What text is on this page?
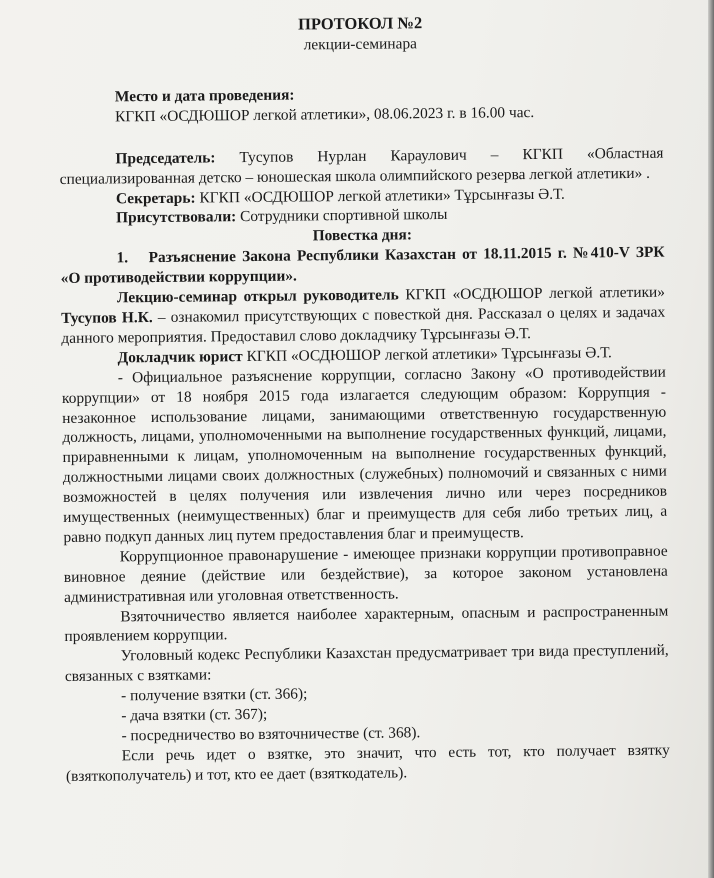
ПРОТОКОЛ №2

лекции-семинара

Место и дата проведения:

КГКП «ОСДЮШОР легкой атлетики», 08.06.2023 г. в 16.00 час.

Председатель: Тусупов Нурлан Караулович – КГКП «Областная специализированная детско – юношеская школа олимпийского резерва легкой атлетики» .

Секретарь: КГКП «ОСДЮШОР легкой атлетики» Тұрсынғазы Ә.Т.

Присутствовали: Сотрудники спортивной школы

Повестка дня:

1. Разъяснение Закона Республики Казахстан от 18.11.2015 г. №410-V ЗРК «О противодействии коррупции».

Лекцию-семинар открыл руководитель КГКП «ОСДЮШОР легкой атлетики» Тусупов Н.К. – ознакомил присутствующих с повесткой дня. Рассказал о целях и задачах данного мероприятия. Предоставил слово докладчику Тұрсынғазы Ә.Т.

Докладчик юрист КГКП «ОСДЮШОР легкой атлетики» Тұрсынғазы Ә.Т.

- Официальное разъяснение коррупции, согласно Закону «О противодействии коррупции» от 18 ноября 2015 года излагается следующим образом: Коррупция - незаконное использование лицами, занимающими ответственную государственную должность, лицами, уполномоченными на выполнение государственных функций, лицами, приравненными к лицам, уполномоченным на выполнение государственных функций, должностными лицами своих должностных (служебных) полномочий и связанных с ними возможностей в целях получения или извлечения лично или через посредников имущественных (неимущественных) благ и преимуществ для себя либо третьих лиц, а равно подкуп данных лиц путем предоставления благ и преимуществ.

Коррупционное правонарушение - имеющее признаки коррупции противоправное виновное деяние (действие или бездействие), за которое законом установлена административная или уголовная ответственность.

Взяточничество является наиболее характерным, опасным и распространенным проявлением коррупции.

Уголовный кодекс Республики Казахстан предусматривает три вида преступлений, связанных с взятками:

- получение взятки (ст. 366);

- дача взятки (ст. 367);

- посредничество во взяточничестве (ст. 368).

Если речь идет о взятке, это значит, что есть тот, кто получает взятку (взяткополучатель) и тот, кто ее дает (взяткодатель).
